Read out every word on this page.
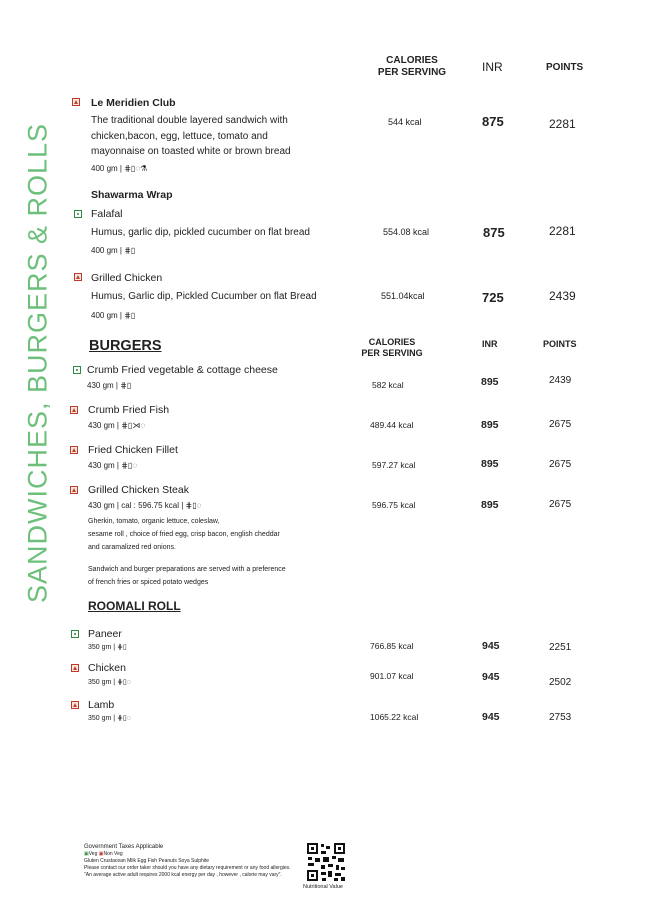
SANDWICHES, BURGERS & ROLLS
CALORIES
PER SERVING	INR	POINTS
Le Meridien Club
The traditional double layered sandwich with
chicken,bacon, egg, lettuce, tomato and
mayonnaise on toasted white or brown bread
400 gm | ⋕▯◌⚗
544 kcal	875	2281
Shawarma Wrap
Falafal
Humus, garlic dip, pickled cucumber on flat bread
400 gm | ⋕▯
554.08 kcal	875	2281
Grilled Chicken
Humus, Garlic dip, Pickled Cucumber on flat Bread
400 gm | ⋕▯
551.04kcal	725	2439
BURGERS	CALORIES
PER SERVING
INR	POINTS
Crumb Fried vegetable & cottage cheese
430 gm | ⋕▯	582 kcal	895	2439
Crumb Fried Fish
430 gm | ⋕▯⋊◌	489.44 kcal	895	2675
Fried Chicken Fillet
430 gm | ⋕▯◌	597.27 kcal	895	2675
Grilled Chicken Steak
430 gm | cal : 596.75 kcal | ⋕▯◌	596.75 kcal	895	2675
Gherkin, tomato, organic lettuce, coleslaw,
sesame roll , choice of fried egg, crisp bacon, english cheddar
and caramalized red onions.
Sandwich and burger preparations are served with a preference
of french fries or spiced potato wedges
ROOMALI ROLL
Paneer
350 gm | ⋕▯	766.85 kcal	945	2251
Chicken
350 gm | ⋕▯◌
901.07 kcal	945	2502
Lamb
350 gm | ⋕▯◌	1065.22 kcal	945	2753
Government Taxes Applicable
▣Veg ▣Non Veg
Gluten Crustacean Milk Egg Fish Peanuts Soya Sulphite
Please contact our order taker should you have any dietary requirement or any food allergies.
"An average active adult requires 2000 kcal energy per day , however , calorie may vary".
Nutritional Value
